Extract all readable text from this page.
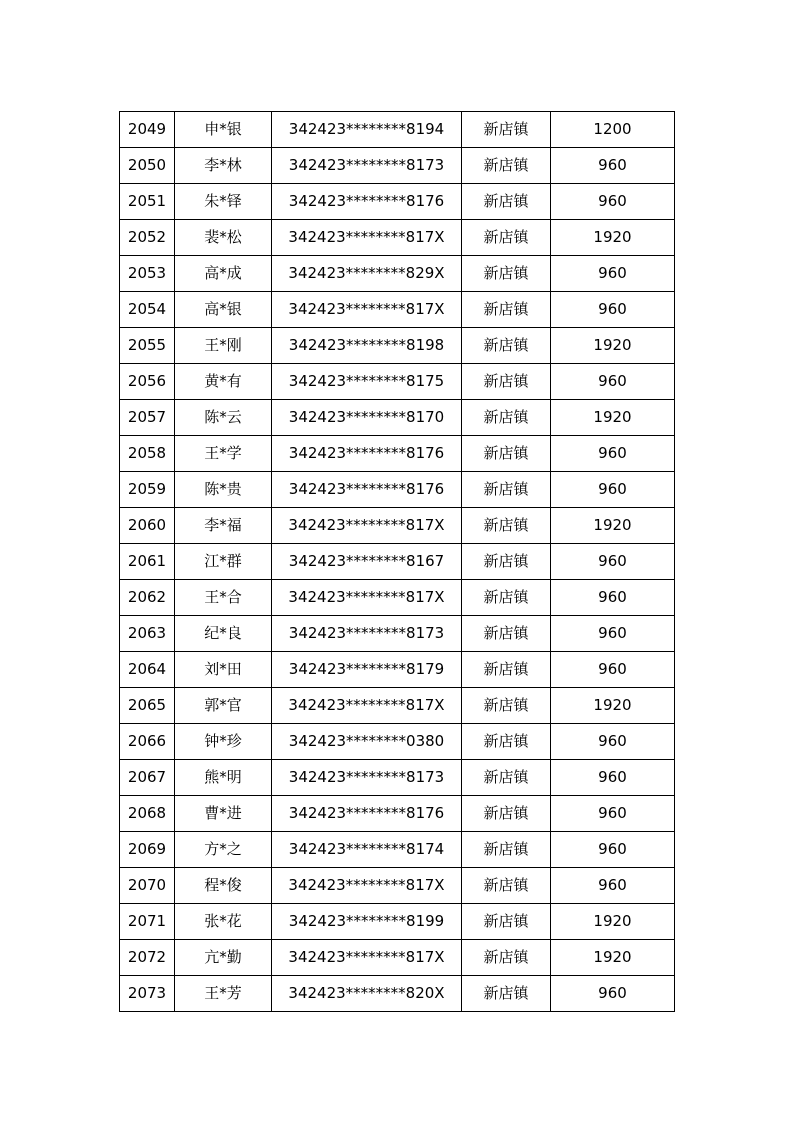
2049	申*银	342423********8194	新店镇	1200
2050	李*林	342423********8173	新店镇	960
2051	朱*铎	342423********8176	新店镇	960
2052	裴*松	342423********817X	新店镇	1920
2053	高*成	342423********829X	新店镇	960
2054	高*银	342423********817X	新店镇	960
2055	王*刚	342423********8198	新店镇	1920
2056	黄*有	342423********8175	新店镇	960
2057	陈*云	342423********8170	新店镇	1920
2058	王*学	342423********8176	新店镇	960
2059	陈*贵	342423********8176	新店镇	960
2060	李*福	342423********817X	新店镇	1920
2061	江*群	342423********8167	新店镇	960
2062	王*合	342423********817X	新店镇	960
2063	纪*良	342423********8173	新店镇	960
2064	刘*田	342423********8179	新店镇	960
2065	郭*官	342423********817X	新店镇	1920
2066	钟*珍	342423********0380	新店镇	960
2067	熊*明	342423********8173	新店镇	960
2068	曹*进	342423********8176	新店镇	960
2069	方*之	342423********8174	新店镇	960
2070	程*俊	342423********817X	新店镇	960
2071	张*花	342423********8199	新店镇	1920
2072	亢*勤	342423********817X	新店镇	1920
2073	王*芳	342423********820X	新店镇	960
